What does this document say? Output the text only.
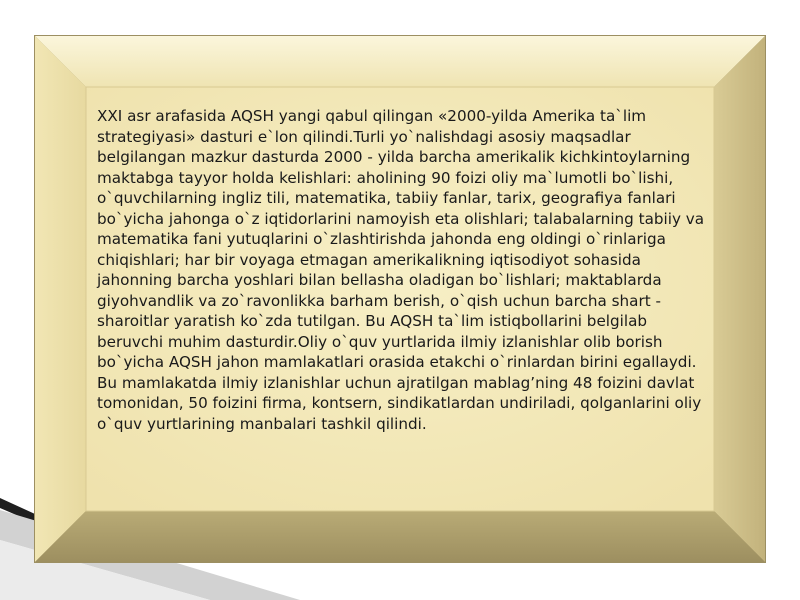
XXI asr arafasida AQSH yangi qabul qilingan «2000-yilda Amerika ta`lim strategiyasi» dasturi e`lon qilindi.Turli yo`nalishdagi asosiy maqsadlar belgilangan mazkur dasturda 2000 - yilda barcha amerikalik kichkintoylarning maktabga tayyor holda kelishlari: aholining 90 foizi oliy ma`lumotli bo`lishi, o`quvchilarning ingliz tili, matematika, tabiiy fanlar, tarix, geografiya fanlari bo`yicha jahonga o`z iqtidorlarini namoyish eta olishlari; talabalarning tabiiy va matematika fani yutuqlarini o`zlashtirishda jahonda eng oldingi o`rinlariga chiqishlari; har bir voyaga etmagan amerikalikning iqtisodiyot sohasida jahonning barcha yoshlari bilan bellasha oladigan bo`lishlari; maktablarda giyohvandlik va zo`ravonlikka barham berish, o`qish uchun barcha shart - sharoitlar yaratish ko`zda tutilgan. Bu AQSH ta`lim istiqbollarini belgilab beruvchi muhim dasturdir.Oliy o`quv yurtlarida ilmiy izlanishlar olib borish bo`yicha AQSH jahon mamlakatlari orasida etakchi o`rinlardan birini egallaydi. Bu mamlakatda ilmiy izlanishlar uchun ajratilgan mablag’ning 48 foizini davlat tomonidan, 50 foizini firma, kontsern, sindikatlardan undiriladi, qolganlarini oliy o`quv yurtlarining manbalari tashkil qilindi.
